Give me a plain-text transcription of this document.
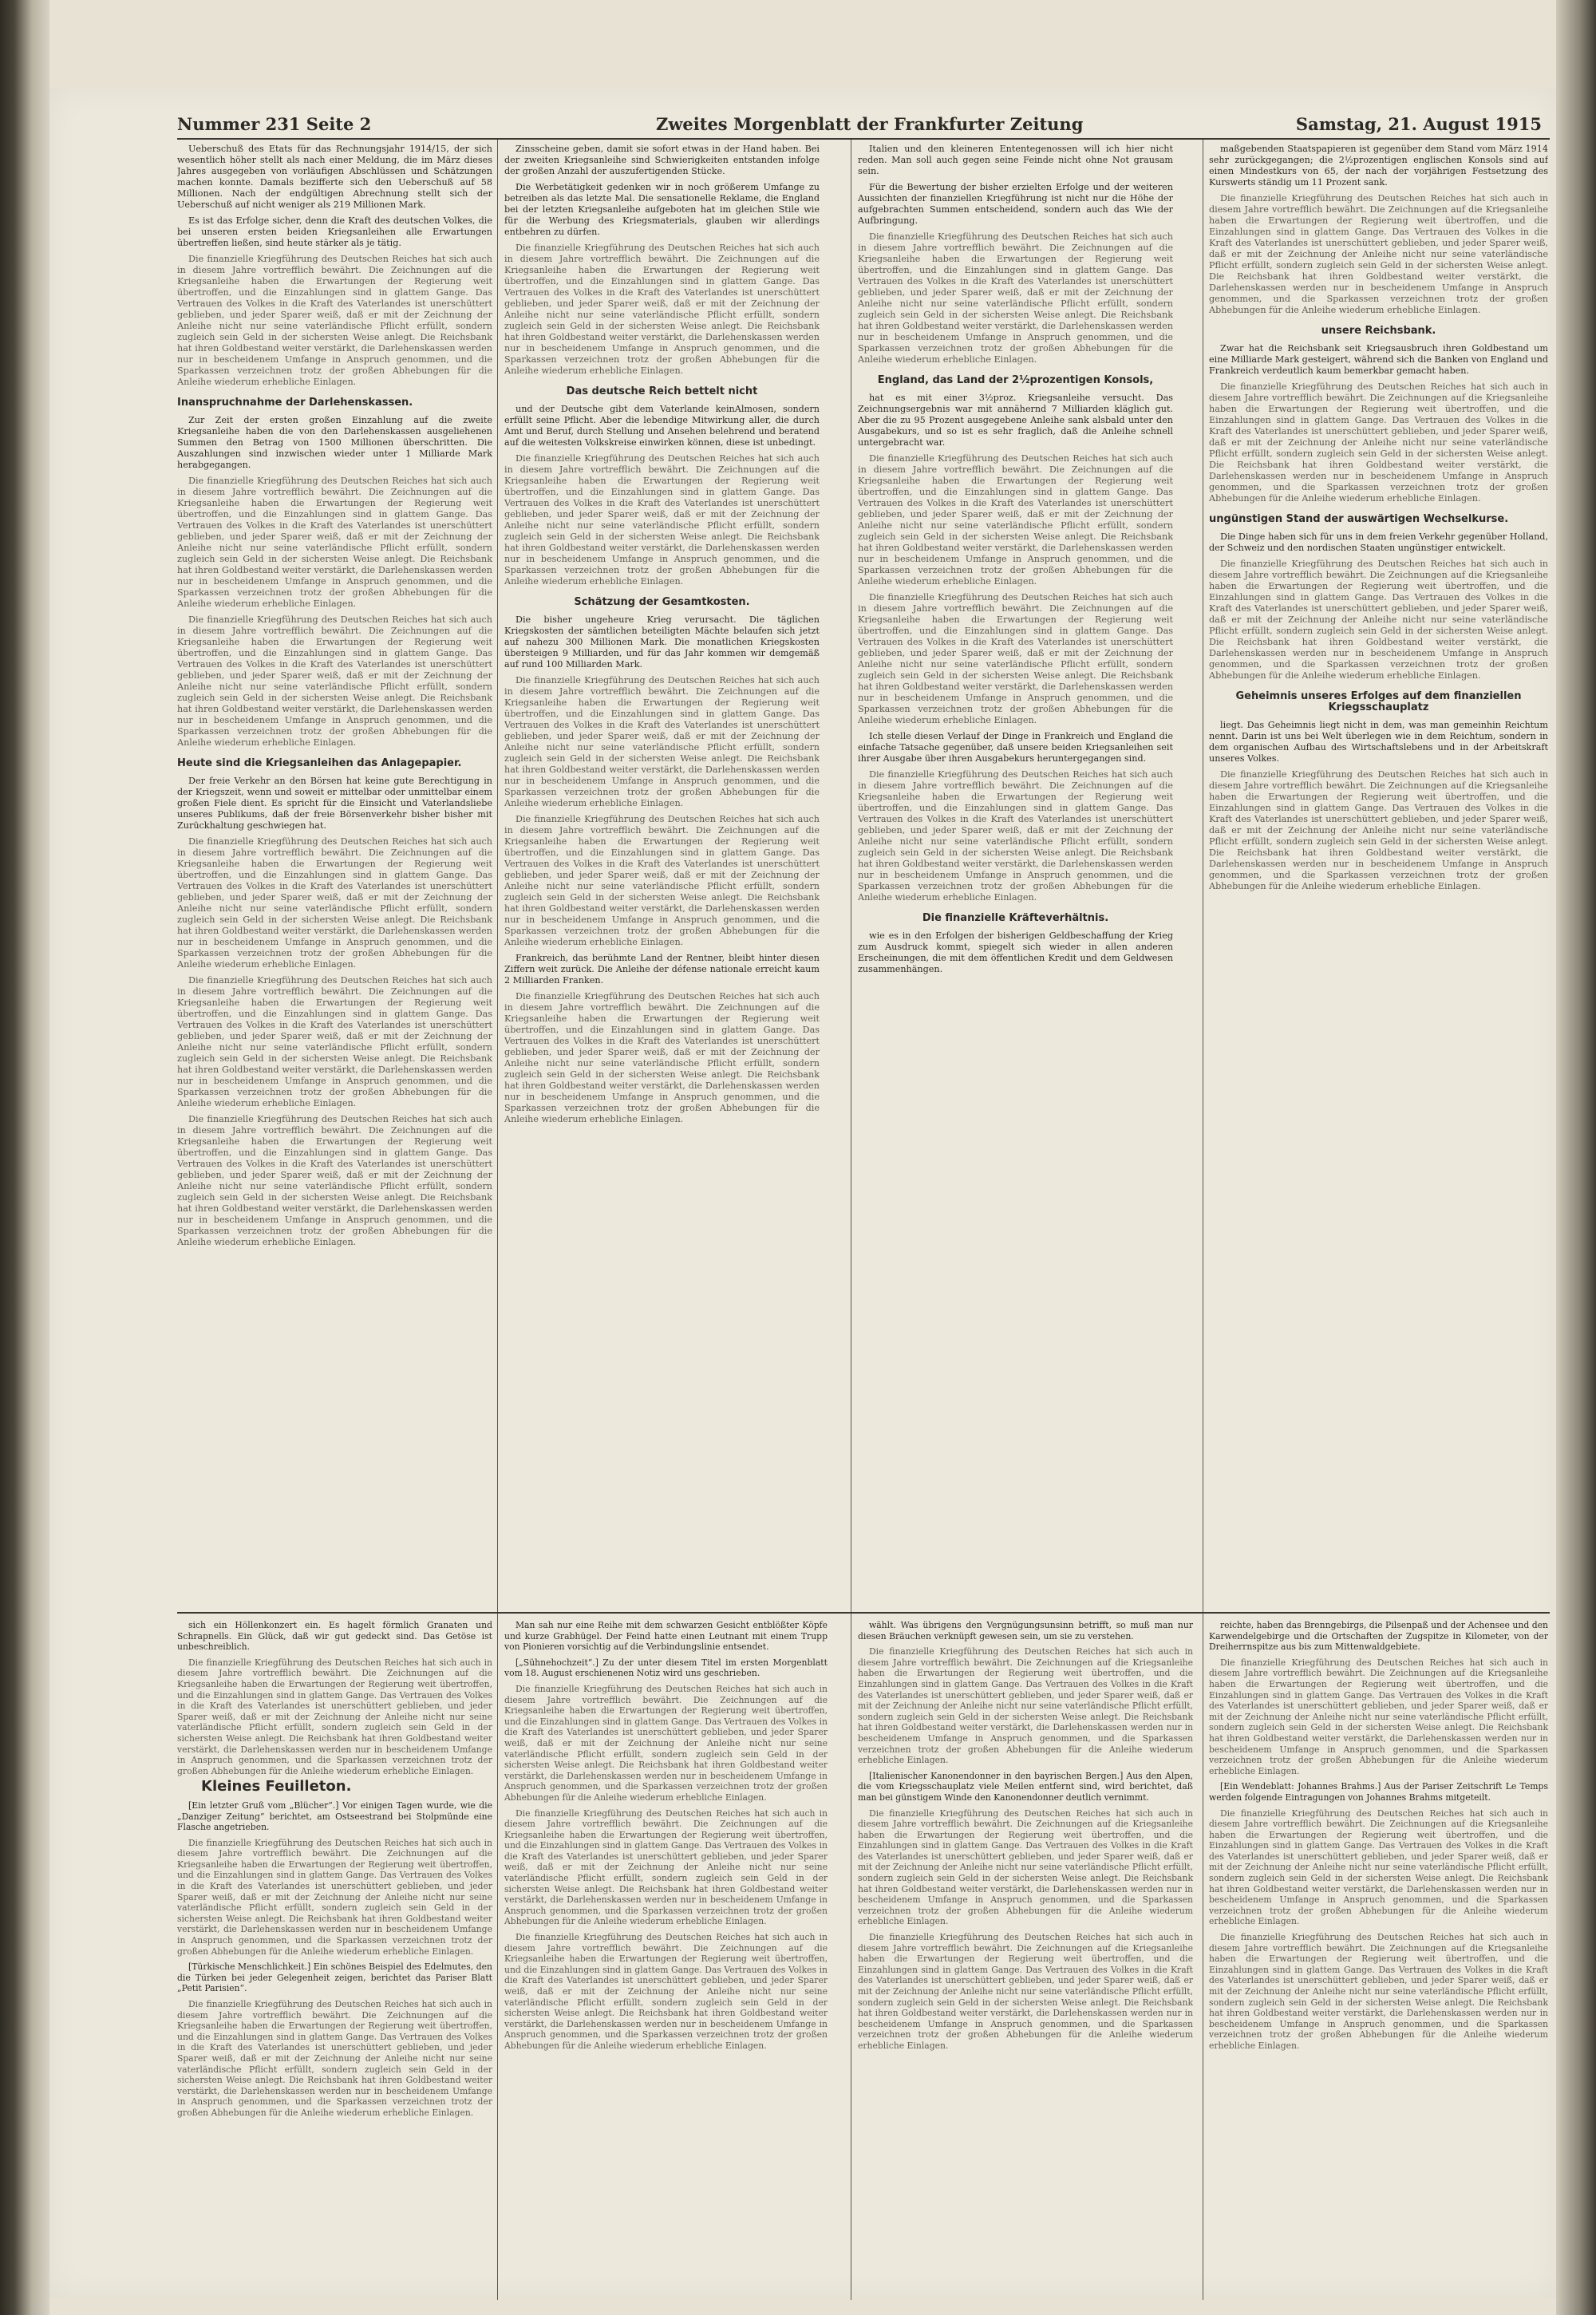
Nummer 231 Seite 2	Zweites Morgenblatt der Frankfurter Zeitung	Samstag, 21. August 1915

Ueberschuß des Etats für das Rechnungsjahr 1914/15, der sich wesentlich höher stellt als nach einer Meldung, die im März dieses Jahres ausgegeben von vorläufigen Abschlüssen und Schätzungen machen konnte. Damals bezifferte sich den Ueberschuß auf 58 Millionen. Nach der endgültigen Abrechnung stellt sich der Ueberschuß auf nicht weniger als 219 Millionen Mark.

Es ist das Erfolge sicher, denn die Kraft des deutschen Volkes, die bei unseren ersten beiden Kriegsanleihen alle Erwartungen übertreffen ließen, sind heute stärker als je tätig.

Die finanzielle Kriegführung des Deutschen Reiches hat sich auch in diesem Jahre vortrefflich bewährt. Die Zeichnungen auf die Kriegsanleihe haben die Erwartungen der Regierung weit übertroffen, und die Einzahlungen sind in glattem Gange. Das Vertrauen des Volkes in die Kraft des Vaterlandes ist unerschüttert geblieben, und jeder Sparer weiß, daß er mit der Zeichnung der Anleihe nicht nur seine vaterländische Pflicht erfüllt, sondern zugleich sein Geld in der sichersten Weise anlegt. Die Reichsbank hat ihren Goldbestand weiter verstärkt, die Darlehenskassen werden nur in bescheidenem Umfange in Anspruch genommen, und die Sparkassen verzeichnen trotz der großen Abhebungen für die Anleihe wiederum erhebliche Einlagen.

Inanspruchnahme der Darlehenskassen.

Zur Zeit der ersten großen Einzahlung auf die zweite Kriegsanleihe haben die von den Darlehenskassen ausgeliehenen Summen den Betrag von 1500 Millionen überschritten. Die Auszahlungen sind inzwischen wieder unter 1 Milliarde Mark herabgegangen.

Die finanzielle Kriegführung des Deutschen Reiches hat sich auch in diesem Jahre vortrefflich bewährt. Die Zeichnungen auf die Kriegsanleihe haben die Erwartungen der Regierung weit übertroffen, und die Einzahlungen sind in glattem Gange. Das Vertrauen des Volkes in die Kraft des Vaterlandes ist unerschüttert geblieben, und jeder Sparer weiß, daß er mit der Zeichnung der Anleihe nicht nur seine vaterländische Pflicht erfüllt, sondern zugleich sein Geld in der sichersten Weise anlegt. Die Reichsbank hat ihren Goldbestand weiter verstärkt, die Darlehenskassen werden nur in bescheidenem Umfange in Anspruch genommen, und die Sparkassen verzeichnen trotz der großen Abhebungen für die Anleihe wiederum erhebliche Einlagen.

Die finanzielle Kriegführung des Deutschen Reiches hat sich auch in diesem Jahre vortrefflich bewährt. Die Zeichnungen auf die Kriegsanleihe haben die Erwartungen der Regierung weit übertroffen, und die Einzahlungen sind in glattem Gange. Das Vertrauen des Volkes in die Kraft des Vaterlandes ist unerschüttert geblieben, und jeder Sparer weiß, daß er mit der Zeichnung der Anleihe nicht nur seine vaterländische Pflicht erfüllt, sondern zugleich sein Geld in der sichersten Weise anlegt. Die Reichsbank hat ihren Goldbestand weiter verstärkt, die Darlehenskassen werden nur in bescheidenem Umfange in Anspruch genommen, und die Sparkassen verzeichnen trotz der großen Abhebungen für die Anleihe wiederum erhebliche Einlagen.

Heute sind die Kriegsanleihen das Anlagepapier.

Der freie Verkehr an den Börsen hat keine gute Berechtigung in der Kriegszeit, wenn und soweit er mittelbar oder unmittelbar einem großen Fiele dient. Es spricht für die Einsicht und Vaterlandsliebe unseres Publikums, daß der freie Börsenverkehr bisher bisher mit Zurückhaltung geschwiegen hat.

Die finanzielle Kriegführung des Deutschen Reiches hat sich auch in diesem Jahre vortrefflich bewährt. Die Zeichnungen auf die Kriegsanleihe haben die Erwartungen der Regierung weit übertroffen, und die Einzahlungen sind in glattem Gange. Das Vertrauen des Volkes in die Kraft des Vaterlandes ist unerschüttert geblieben, und jeder Sparer weiß, daß er mit der Zeichnung der Anleihe nicht nur seine vaterländische Pflicht erfüllt, sondern zugleich sein Geld in der sichersten Weise anlegt. Die Reichsbank hat ihren Goldbestand weiter verstärkt, die Darlehenskassen werden nur in bescheidenem Umfange in Anspruch genommen, und die Sparkassen verzeichnen trotz der großen Abhebungen für die Anleihe wiederum erhebliche Einlagen.

Die finanzielle Kriegführung des Deutschen Reiches hat sich auch in diesem Jahre vortrefflich bewährt. Die Zeichnungen auf die Kriegsanleihe haben die Erwartungen der Regierung weit übertroffen, und die Einzahlungen sind in glattem Gange. Das Vertrauen des Volkes in die Kraft des Vaterlandes ist unerschüttert geblieben, und jeder Sparer weiß, daß er mit der Zeichnung der Anleihe nicht nur seine vaterländische Pflicht erfüllt, sondern zugleich sein Geld in der sichersten Weise anlegt. Die Reichsbank hat ihren Goldbestand weiter verstärkt, die Darlehenskassen werden nur in bescheidenem Umfange in Anspruch genommen, und die Sparkassen verzeichnen trotz der großen Abhebungen für die Anleihe wiederum erhebliche Einlagen.

Die finanzielle Kriegführung des Deutschen Reiches hat sich auch in diesem Jahre vortrefflich bewährt. Die Zeichnungen auf die Kriegsanleihe haben die Erwartungen der Regierung weit übertroffen, und die Einzahlungen sind in glattem Gange. Das Vertrauen des Volkes in die Kraft des Vaterlandes ist unerschüttert geblieben, und jeder Sparer weiß, daß er mit der Zeichnung der Anleihe nicht nur seine vaterländische Pflicht erfüllt, sondern zugleich sein Geld in der sichersten Weise anlegt. Die Reichsbank hat ihren Goldbestand weiter verstärkt, die Darlehenskassen werden nur in bescheidenem Umfange in Anspruch genommen, und die Sparkassen verzeichnen trotz der großen Abhebungen für die Anleihe wiederum erhebliche Einlagen.

Zinsscheine geben, damit sie sofort etwas in der Hand haben. Bei der zweiten Kriegsanleihe sind Schwierigkeiten entstanden infolge der großen Anzahl der auszufertigenden Stücke.

Die Werbetätigkeit gedenken wir in noch größerem Umfange zu betreiben als das letzte Mal. Die sensationelle Reklame, die England bei der letzten Kriegsanleihe aufgeboten hat im gleichen Stile wie für die Werbung des Kriegsmaterials, glauben wir allerdings entbehren zu dürfen.

Die finanzielle Kriegführung des Deutschen Reiches hat sich auch in diesem Jahre vortrefflich bewährt. Die Zeichnungen auf die Kriegsanleihe haben die Erwartungen der Regierung weit übertroffen, und die Einzahlungen sind in glattem Gange. Das Vertrauen des Volkes in die Kraft des Vaterlandes ist unerschüttert geblieben, und jeder Sparer weiß, daß er mit der Zeichnung der Anleihe nicht nur seine vaterländische Pflicht erfüllt, sondern zugleich sein Geld in der sichersten Weise anlegt. Die Reichsbank hat ihren Goldbestand weiter verstärkt, die Darlehenskassen werden nur in bescheidenem Umfange in Anspruch genommen, und die Sparkassen verzeichnen trotz der großen Abhebungen für die Anleihe wiederum erhebliche Einlagen.

Das deutsche Reich bettelt nicht

und der Deutsche gibt dem Vaterlande keinAlmosen, sondern erfüllt seine Pflicht. Aber die lebendige Mitwirkung aller, die durch Amt und Beruf, durch Stellung und Ansehen belehrend und beratend auf die weitesten Volkskreise einwirken können, diese ist unbedingt.

Die finanzielle Kriegführung des Deutschen Reiches hat sich auch in diesem Jahre vortrefflich bewährt. Die Zeichnungen auf die Kriegsanleihe haben die Erwartungen der Regierung weit übertroffen, und die Einzahlungen sind in glattem Gange. Das Vertrauen des Volkes in die Kraft des Vaterlandes ist unerschüttert geblieben, und jeder Sparer weiß, daß er mit der Zeichnung der Anleihe nicht nur seine vaterländische Pflicht erfüllt, sondern zugleich sein Geld in der sichersten Weise anlegt. Die Reichsbank hat ihren Goldbestand weiter verstärkt, die Darlehenskassen werden nur in bescheidenem Umfange in Anspruch genommen, und die Sparkassen verzeichnen trotz der großen Abhebungen für die Anleihe wiederum erhebliche Einlagen.

Schätzung der Gesamtkosten.

Die bisher ungeheure Krieg verursacht. Die täglichen Kriegskosten der sämtlichen beteiligten Mächte belaufen sich jetzt auf nahezu 300 Millionen Mark. Die monatlichen Kriegskosten übersteigen 9 Milliarden, und für das Jahr kommen wir demgemäß auf rund 100 Milliarden Mark.

Die finanzielle Kriegführung des Deutschen Reiches hat sich auch in diesem Jahre vortrefflich bewährt. Die Zeichnungen auf die Kriegsanleihe haben die Erwartungen der Regierung weit übertroffen, und die Einzahlungen sind in glattem Gange. Das Vertrauen des Volkes in die Kraft des Vaterlandes ist unerschüttert geblieben, und jeder Sparer weiß, daß er mit der Zeichnung der Anleihe nicht nur seine vaterländische Pflicht erfüllt, sondern zugleich sein Geld in der sichersten Weise anlegt. Die Reichsbank hat ihren Goldbestand weiter verstärkt, die Darlehenskassen werden nur in bescheidenem Umfange in Anspruch genommen, und die Sparkassen verzeichnen trotz der großen Abhebungen für die Anleihe wiederum erhebliche Einlagen.

Die finanzielle Kriegführung des Deutschen Reiches hat sich auch in diesem Jahre vortrefflich bewährt. Die Zeichnungen auf die Kriegsanleihe haben die Erwartungen der Regierung weit übertroffen, und die Einzahlungen sind in glattem Gange. Das Vertrauen des Volkes in die Kraft des Vaterlandes ist unerschüttert geblieben, und jeder Sparer weiß, daß er mit der Zeichnung der Anleihe nicht nur seine vaterländische Pflicht erfüllt, sondern zugleich sein Geld in der sichersten Weise anlegt. Die Reichsbank hat ihren Goldbestand weiter verstärkt, die Darlehenskassen werden nur in bescheidenem Umfange in Anspruch genommen, und die Sparkassen verzeichnen trotz der großen Abhebungen für die Anleihe wiederum erhebliche Einlagen.

Frankreich, das berühmte Land der Rentner, bleibt hinter diesen Ziffern weit zurück. Die Anleihe der défense nationale erreicht kaum 2 Milliarden Franken.

Die finanzielle Kriegführung des Deutschen Reiches hat sich auch in diesem Jahre vortrefflich bewährt. Die Zeichnungen auf die Kriegsanleihe haben die Erwartungen der Regierung weit übertroffen, und die Einzahlungen sind in glattem Gange. Das Vertrauen des Volkes in die Kraft des Vaterlandes ist unerschüttert geblieben, und jeder Sparer weiß, daß er mit der Zeichnung der Anleihe nicht nur seine vaterländische Pflicht erfüllt, sondern zugleich sein Geld in der sichersten Weise anlegt. Die Reichsbank hat ihren Goldbestand weiter verstärkt, die Darlehenskassen werden nur in bescheidenem Umfange in Anspruch genommen, und die Sparkassen verzeichnen trotz der großen Abhebungen für die Anleihe wiederum erhebliche Einlagen.

Italien und den kleineren Ententegenossen will ich hier nicht reden. Man soll auch gegen seine Feinde nicht ohne Not grausam sein.

Für die Bewertung der bisher erzielten Erfolge und der weiteren Aussichten der finanziellen Kriegführung ist nicht nur die Höhe der aufgebrachten Summen entscheidend, sondern auch das Wie der Aufbringung.

Die finanzielle Kriegführung des Deutschen Reiches hat sich auch in diesem Jahre vortrefflich bewährt. Die Zeichnungen auf die Kriegsanleihe haben die Erwartungen der Regierung weit übertroffen, und die Einzahlungen sind in glattem Gange. Das Vertrauen des Volkes in die Kraft des Vaterlandes ist unerschüttert geblieben, und jeder Sparer weiß, daß er mit der Zeichnung der Anleihe nicht nur seine vaterländische Pflicht erfüllt, sondern zugleich sein Geld in der sichersten Weise anlegt. Die Reichsbank hat ihren Goldbestand weiter verstärkt, die Darlehenskassen werden nur in bescheidenem Umfange in Anspruch genommen, und die Sparkassen verzeichnen trotz der großen Abhebungen für die Anleihe wiederum erhebliche Einlagen.

England, das Land der 2½prozentigen Konsols,

hat es mit einer 3½proz. Kriegsanleihe versucht. Das Zeichnungsergebnis war mit annähernd 7 Milliarden kläglich gut. Aber die zu 95 Prozent ausgegebene Anleihe sank alsbald unter den Ausgabekurs, und so ist es sehr fraglich, daß die Anleihe schnell untergebracht war.

Die finanzielle Kriegführung des Deutschen Reiches hat sich auch in diesem Jahre vortrefflich bewährt. Die Zeichnungen auf die Kriegsanleihe haben die Erwartungen der Regierung weit übertroffen, und die Einzahlungen sind in glattem Gange. Das Vertrauen des Volkes in die Kraft des Vaterlandes ist unerschüttert geblieben, und jeder Sparer weiß, daß er mit der Zeichnung der Anleihe nicht nur seine vaterländische Pflicht erfüllt, sondern zugleich sein Geld in der sichersten Weise anlegt. Die Reichsbank hat ihren Goldbestand weiter verstärkt, die Darlehenskassen werden nur in bescheidenem Umfange in Anspruch genommen, und die Sparkassen verzeichnen trotz der großen Abhebungen für die Anleihe wiederum erhebliche Einlagen.

Die finanzielle Kriegführung des Deutschen Reiches hat sich auch in diesem Jahre vortrefflich bewährt. Die Zeichnungen auf die Kriegsanleihe haben die Erwartungen der Regierung weit übertroffen, und die Einzahlungen sind in glattem Gange. Das Vertrauen des Volkes in die Kraft des Vaterlandes ist unerschüttert geblieben, und jeder Sparer weiß, daß er mit der Zeichnung der Anleihe nicht nur seine vaterländische Pflicht erfüllt, sondern zugleich sein Geld in der sichersten Weise anlegt. Die Reichsbank hat ihren Goldbestand weiter verstärkt, die Darlehenskassen werden nur in bescheidenem Umfange in Anspruch genommen, und die Sparkassen verzeichnen trotz der großen Abhebungen für die Anleihe wiederum erhebliche Einlagen.

Ich stelle diesen Verlauf der Dinge in Frankreich und England die einfache Tatsache gegenüber, daß unsere beiden Kriegsanleihen seit ihrer Ausgabe über ihren Ausgabekurs heruntergegangen sind.

Die finanzielle Kriegführung des Deutschen Reiches hat sich auch in diesem Jahre vortrefflich bewährt. Die Zeichnungen auf die Kriegsanleihe haben die Erwartungen der Regierung weit übertroffen, und die Einzahlungen sind in glattem Gange. Das Vertrauen des Volkes in die Kraft des Vaterlandes ist unerschüttert geblieben, und jeder Sparer weiß, daß er mit der Zeichnung der Anleihe nicht nur seine vaterländische Pflicht erfüllt, sondern zugleich sein Geld in der sichersten Weise anlegt. Die Reichsbank hat ihren Goldbestand weiter verstärkt, die Darlehenskassen werden nur in bescheidenem Umfange in Anspruch genommen, und die Sparkassen verzeichnen trotz der großen Abhebungen für die Anleihe wiederum erhebliche Einlagen.

Die finanzielle Kräfteverhältnis.

wie es in den Erfolgen der bisherigen Geldbeschaffung der Krieg zum Ausdruck kommt, spiegelt sich wieder in allen anderen Erscheinungen, die mit dem öffentlichen Kredit und dem Geldwesen zusammenhängen.

maßgebenden Staatspapieren ist gegenüber dem Stand vom März 1914 sehr zurückgegangen; die 2½prozentigen englischen Konsols sind auf einen Mindestkurs von 65, der nach der vorjährigen Festsetzung des Kurswerts ständig um 11 Prozent sank.

Die finanzielle Kriegführung des Deutschen Reiches hat sich auch in diesem Jahre vortrefflich bewährt. Die Zeichnungen auf die Kriegsanleihe haben die Erwartungen der Regierung weit übertroffen, und die Einzahlungen sind in glattem Gange. Das Vertrauen des Volkes in die Kraft des Vaterlandes ist unerschüttert geblieben, und jeder Sparer weiß, daß er mit der Zeichnung der Anleihe nicht nur seine vaterländische Pflicht erfüllt, sondern zugleich sein Geld in der sichersten Weise anlegt. Die Reichsbank hat ihren Goldbestand weiter verstärkt, die Darlehenskassen werden nur in bescheidenem Umfange in Anspruch genommen, und die Sparkassen verzeichnen trotz der großen Abhebungen für die Anleihe wiederum erhebliche Einlagen.

unsere Reichsbank.

Zwar hat die Reichsbank seit Kriegsausbruch ihren Goldbestand um eine Milliarde Mark gesteigert, während sich die Banken von England und Frankreich verdeutlich kaum bemerkbar gemacht haben.

Die finanzielle Kriegführung des Deutschen Reiches hat sich auch in diesem Jahre vortrefflich bewährt. Die Zeichnungen auf die Kriegsanleihe haben die Erwartungen der Regierung weit übertroffen, und die Einzahlungen sind in glattem Gange. Das Vertrauen des Volkes in die Kraft des Vaterlandes ist unerschüttert geblieben, und jeder Sparer weiß, daß er mit der Zeichnung der Anleihe nicht nur seine vaterländische Pflicht erfüllt, sondern zugleich sein Geld in der sichersten Weise anlegt. Die Reichsbank hat ihren Goldbestand weiter verstärkt, die Darlehenskassen werden nur in bescheidenem Umfange in Anspruch genommen, und die Sparkassen verzeichnen trotz der großen Abhebungen für die Anleihe wiederum erhebliche Einlagen.

ungünstigen Stand der auswärtigen Wechselkurse.

Die Dinge haben sich für uns in dem freien Verkehr gegenüber Holland, der Schweiz und den nordischen Staaten ungünstiger entwickelt.

Die finanzielle Kriegführung des Deutschen Reiches hat sich auch in diesem Jahre vortrefflich bewährt. Die Zeichnungen auf die Kriegsanleihe haben die Erwartungen der Regierung weit übertroffen, und die Einzahlungen sind in glattem Gange. Das Vertrauen des Volkes in die Kraft des Vaterlandes ist unerschüttert geblieben, und jeder Sparer weiß, daß er mit der Zeichnung der Anleihe nicht nur seine vaterländische Pflicht erfüllt, sondern zugleich sein Geld in der sichersten Weise anlegt. Die Reichsbank hat ihren Goldbestand weiter verstärkt, die Darlehenskassen werden nur in bescheidenem Umfange in Anspruch genommen, und die Sparkassen verzeichnen trotz der großen Abhebungen für die Anleihe wiederum erhebliche Einlagen.

Geheimnis unseres Erfolges auf dem finanziellen Kriegsschauplatz

liegt. Das Geheimnis liegt nicht in dem, was man gemeinhin Reichtum nennt. Darin ist uns bei Welt überlegen wie in dem Reichtum, sondern in dem organischen Aufbau des Wirtschaftslebens und in der Arbeitskraft unseres Volkes.

Die finanzielle Kriegführung des Deutschen Reiches hat sich auch in diesem Jahre vortrefflich bewährt. Die Zeichnungen auf die Kriegsanleihe haben die Erwartungen der Regierung weit übertroffen, und die Einzahlungen sind in glattem Gange. Das Vertrauen des Volkes in die Kraft des Vaterlandes ist unerschüttert geblieben, und jeder Sparer weiß, daß er mit der Zeichnung der Anleihe nicht nur seine vaterländische Pflicht erfüllt, sondern zugleich sein Geld in der sichersten Weise anlegt. Die Reichsbank hat ihren Goldbestand weiter verstärkt, die Darlehenskassen werden nur in bescheidenem Umfange in Anspruch genommen, und die Sparkassen verzeichnen trotz der großen Abhebungen für die Anleihe wiederum erhebliche Einlagen.

sich ein Höllenkonzert ein. Es hagelt förmlich Granaten und Schrapnells. Ein Glück, daß wir gut gedeckt sind. Das Getöse ist unbeschreiblich.

Die finanzielle Kriegführung des Deutschen Reiches hat sich auch in diesem Jahre vortrefflich bewährt. Die Zeichnungen auf die Kriegsanleihe haben die Erwartungen der Regierung weit übertroffen, und die Einzahlungen sind in glattem Gange. Das Vertrauen des Volkes in die Kraft des Vaterlandes ist unerschüttert geblieben, und jeder Sparer weiß, daß er mit der Zeichnung der Anleihe nicht nur seine vaterländische Pflicht erfüllt, sondern zugleich sein Geld in der sichersten Weise anlegt. Die Reichsbank hat ihren Goldbestand weiter verstärkt, die Darlehenskassen werden nur in bescheidenem Umfange in Anspruch genommen, und die Sparkassen verzeichnen trotz der großen Abhebungen für die Anleihe wiederum erhebliche Einlagen.

Kleines Feuilleton.

[Ein letzter Gruß vom „Blücher“.] Vor einigen Tagen wurde, wie die „Danziger Zeitung“ berichtet, am Ostseestrand bei Stolpmünde eine Flasche angetrieben.

Die finanzielle Kriegführung des Deutschen Reiches hat sich auch in diesem Jahre vortrefflich bewährt. Die Zeichnungen auf die Kriegsanleihe haben die Erwartungen der Regierung weit übertroffen, und die Einzahlungen sind in glattem Gange. Das Vertrauen des Volkes in die Kraft des Vaterlandes ist unerschüttert geblieben, und jeder Sparer weiß, daß er mit der Zeichnung der Anleihe nicht nur seine vaterländische Pflicht erfüllt, sondern zugleich sein Geld in der sichersten Weise anlegt. Die Reichsbank hat ihren Goldbestand weiter verstärkt, die Darlehenskassen werden nur in bescheidenem Umfange in Anspruch genommen, und die Sparkassen verzeichnen trotz der großen Abhebungen für die Anleihe wiederum erhebliche Einlagen.

[Türkische Menschlichkeit.] Ein schönes Beispiel des Edelmutes, den die Türken bei jeder Gelegenheit zeigen, berichtet das Pariser Blatt „Petit Parisien“.

Die finanzielle Kriegführung des Deutschen Reiches hat sich auch in diesem Jahre vortrefflich bewährt. Die Zeichnungen auf die Kriegsanleihe haben die Erwartungen der Regierung weit übertroffen, und die Einzahlungen sind in glattem Gange. Das Vertrauen des Volkes in die Kraft des Vaterlandes ist unerschüttert geblieben, und jeder Sparer weiß, daß er mit der Zeichnung der Anleihe nicht nur seine vaterländische Pflicht erfüllt, sondern zugleich sein Geld in der sichersten Weise anlegt. Die Reichsbank hat ihren Goldbestand weiter verstärkt, die Darlehenskassen werden nur in bescheidenem Umfange in Anspruch genommen, und die Sparkassen verzeichnen trotz der großen Abhebungen für die Anleihe wiederum erhebliche Einlagen.

Man sah nur eine Reihe mit dem schwarzen Gesicht entblößter Köpfe und kurze Grabhügel. Der Feind hatte einen Leutnant mit einem Trupp von Pionieren vorsichtig auf die Verbindungslinie entsendet.

[„Sühnehochzeit“.] Zu der unter diesem Titel im ersten Morgenblatt vom 18. August erschienenen Notiz wird uns geschrieben.

Die finanzielle Kriegführung des Deutschen Reiches hat sich auch in diesem Jahre vortrefflich bewährt. Die Zeichnungen auf die Kriegsanleihe haben die Erwartungen der Regierung weit übertroffen, und die Einzahlungen sind in glattem Gange. Das Vertrauen des Volkes in die Kraft des Vaterlandes ist unerschüttert geblieben, und jeder Sparer weiß, daß er mit der Zeichnung der Anleihe nicht nur seine vaterländische Pflicht erfüllt, sondern zugleich sein Geld in der sichersten Weise anlegt. Die Reichsbank hat ihren Goldbestand weiter verstärkt, die Darlehenskassen werden nur in bescheidenem Umfange in Anspruch genommen, und die Sparkassen verzeichnen trotz der großen Abhebungen für die Anleihe wiederum erhebliche Einlagen.

Die finanzielle Kriegführung des Deutschen Reiches hat sich auch in diesem Jahre vortrefflich bewährt. Die Zeichnungen auf die Kriegsanleihe haben die Erwartungen der Regierung weit übertroffen, und die Einzahlungen sind in glattem Gange. Das Vertrauen des Volkes in die Kraft des Vaterlandes ist unerschüttert geblieben, und jeder Sparer weiß, daß er mit der Zeichnung der Anleihe nicht nur seine vaterländische Pflicht erfüllt, sondern zugleich sein Geld in der sichersten Weise anlegt. Die Reichsbank hat ihren Goldbestand weiter verstärkt, die Darlehenskassen werden nur in bescheidenem Umfange in Anspruch genommen, und die Sparkassen verzeichnen trotz der großen Abhebungen für die Anleihe wiederum erhebliche Einlagen.

Die finanzielle Kriegführung des Deutschen Reiches hat sich auch in diesem Jahre vortrefflich bewährt. Die Zeichnungen auf die Kriegsanleihe haben die Erwartungen der Regierung weit übertroffen, und die Einzahlungen sind in glattem Gange. Das Vertrauen des Volkes in die Kraft des Vaterlandes ist unerschüttert geblieben, und jeder Sparer weiß, daß er mit der Zeichnung der Anleihe nicht nur seine vaterländische Pflicht erfüllt, sondern zugleich sein Geld in der sichersten Weise anlegt. Die Reichsbank hat ihren Goldbestand weiter verstärkt, die Darlehenskassen werden nur in bescheidenem Umfange in Anspruch genommen, und die Sparkassen verzeichnen trotz der großen Abhebungen für die Anleihe wiederum erhebliche Einlagen.

wählt. Was übrigens den Vergnügungsunsinn betrifft, so muß man nur diesen Bräuchen verknüpft gewesen sein, um sie zu verstehen.

Die finanzielle Kriegführung des Deutschen Reiches hat sich auch in diesem Jahre vortrefflich bewährt. Die Zeichnungen auf die Kriegsanleihe haben die Erwartungen der Regierung weit übertroffen, und die Einzahlungen sind in glattem Gange. Das Vertrauen des Volkes in die Kraft des Vaterlandes ist unerschüttert geblieben, und jeder Sparer weiß, daß er mit der Zeichnung der Anleihe nicht nur seine vaterländische Pflicht erfüllt, sondern zugleich sein Geld in der sichersten Weise anlegt. Die Reichsbank hat ihren Goldbestand weiter verstärkt, die Darlehenskassen werden nur in bescheidenem Umfange in Anspruch genommen, und die Sparkassen verzeichnen trotz der großen Abhebungen für die Anleihe wiederum erhebliche Einlagen.

[Italienischer Kanonendonner in den bayrischen Bergen.] Aus den Alpen, die vom Kriegsschauplatz viele Meilen entfernt sind, wird berichtet, daß man bei günstigem Winde den Kanonendonner deutlich vernimmt.

Die finanzielle Kriegführung des Deutschen Reiches hat sich auch in diesem Jahre vortrefflich bewährt. Die Zeichnungen auf die Kriegsanleihe haben die Erwartungen der Regierung weit übertroffen, und die Einzahlungen sind in glattem Gange. Das Vertrauen des Volkes in die Kraft des Vaterlandes ist unerschüttert geblieben, und jeder Sparer weiß, daß er mit der Zeichnung der Anleihe nicht nur seine vaterländische Pflicht erfüllt, sondern zugleich sein Geld in der sichersten Weise anlegt. Die Reichsbank hat ihren Goldbestand weiter verstärkt, die Darlehenskassen werden nur in bescheidenem Umfange in Anspruch genommen, und die Sparkassen verzeichnen trotz der großen Abhebungen für die Anleihe wiederum erhebliche Einlagen.

Die finanzielle Kriegführung des Deutschen Reiches hat sich auch in diesem Jahre vortrefflich bewährt. Die Zeichnungen auf die Kriegsanleihe haben die Erwartungen der Regierung weit übertroffen, und die Einzahlungen sind in glattem Gange. Das Vertrauen des Volkes in die Kraft des Vaterlandes ist unerschüttert geblieben, und jeder Sparer weiß, daß er mit der Zeichnung der Anleihe nicht nur seine vaterländische Pflicht erfüllt, sondern zugleich sein Geld in der sichersten Weise anlegt. Die Reichsbank hat ihren Goldbestand weiter verstärkt, die Darlehenskassen werden nur in bescheidenem Umfange in Anspruch genommen, und die Sparkassen verzeichnen trotz der großen Abhebungen für die Anleihe wiederum erhebliche Einlagen.

reichte, haben das Brenngebirgs, die Pilsenpaß und der Achensee und den Karwendelgebirge und die Ortschaften der Zugspitze in Kilometer, von der Dreiherrnspitze aus bis zum Mittenwaldgebiete.

Die finanzielle Kriegführung des Deutschen Reiches hat sich auch in diesem Jahre vortrefflich bewährt. Die Zeichnungen auf die Kriegsanleihe haben die Erwartungen der Regierung weit übertroffen, und die Einzahlungen sind in glattem Gange. Das Vertrauen des Volkes in die Kraft des Vaterlandes ist unerschüttert geblieben, und jeder Sparer weiß, daß er mit der Zeichnung der Anleihe nicht nur seine vaterländische Pflicht erfüllt, sondern zugleich sein Geld in der sichersten Weise anlegt. Die Reichsbank hat ihren Goldbestand weiter verstärkt, die Darlehenskassen werden nur in bescheidenem Umfange in Anspruch genommen, und die Sparkassen verzeichnen trotz der großen Abhebungen für die Anleihe wiederum erhebliche Einlagen.

[Ein Wendeblatt: Johannes Brahms.] Aus der Pariser Zeitschrift Le Temps werden folgende Eintragungen von Johannes Brahms mitgeteilt.

Die finanzielle Kriegführung des Deutschen Reiches hat sich auch in diesem Jahre vortrefflich bewährt. Die Zeichnungen auf die Kriegsanleihe haben die Erwartungen der Regierung weit übertroffen, und die Einzahlungen sind in glattem Gange. Das Vertrauen des Volkes in die Kraft des Vaterlandes ist unerschüttert geblieben, und jeder Sparer weiß, daß er mit der Zeichnung der Anleihe nicht nur seine vaterländische Pflicht erfüllt, sondern zugleich sein Geld in der sichersten Weise anlegt. Die Reichsbank hat ihren Goldbestand weiter verstärkt, die Darlehenskassen werden nur in bescheidenem Umfange in Anspruch genommen, und die Sparkassen verzeichnen trotz der großen Abhebungen für die Anleihe wiederum erhebliche Einlagen.

Die finanzielle Kriegführung des Deutschen Reiches hat sich auch in diesem Jahre vortrefflich bewährt. Die Zeichnungen auf die Kriegsanleihe haben die Erwartungen der Regierung weit übertroffen, und die Einzahlungen sind in glattem Gange. Das Vertrauen des Volkes in die Kraft des Vaterlandes ist unerschüttert geblieben, und jeder Sparer weiß, daß er mit der Zeichnung der Anleihe nicht nur seine vaterländische Pflicht erfüllt, sondern zugleich sein Geld in der sichersten Weise anlegt. Die Reichsbank hat ihren Goldbestand weiter verstärkt, die Darlehenskassen werden nur in bescheidenem Umfange in Anspruch genommen, und die Sparkassen verzeichnen trotz der großen Abhebungen für die Anleihe wiederum erhebliche Einlagen.
